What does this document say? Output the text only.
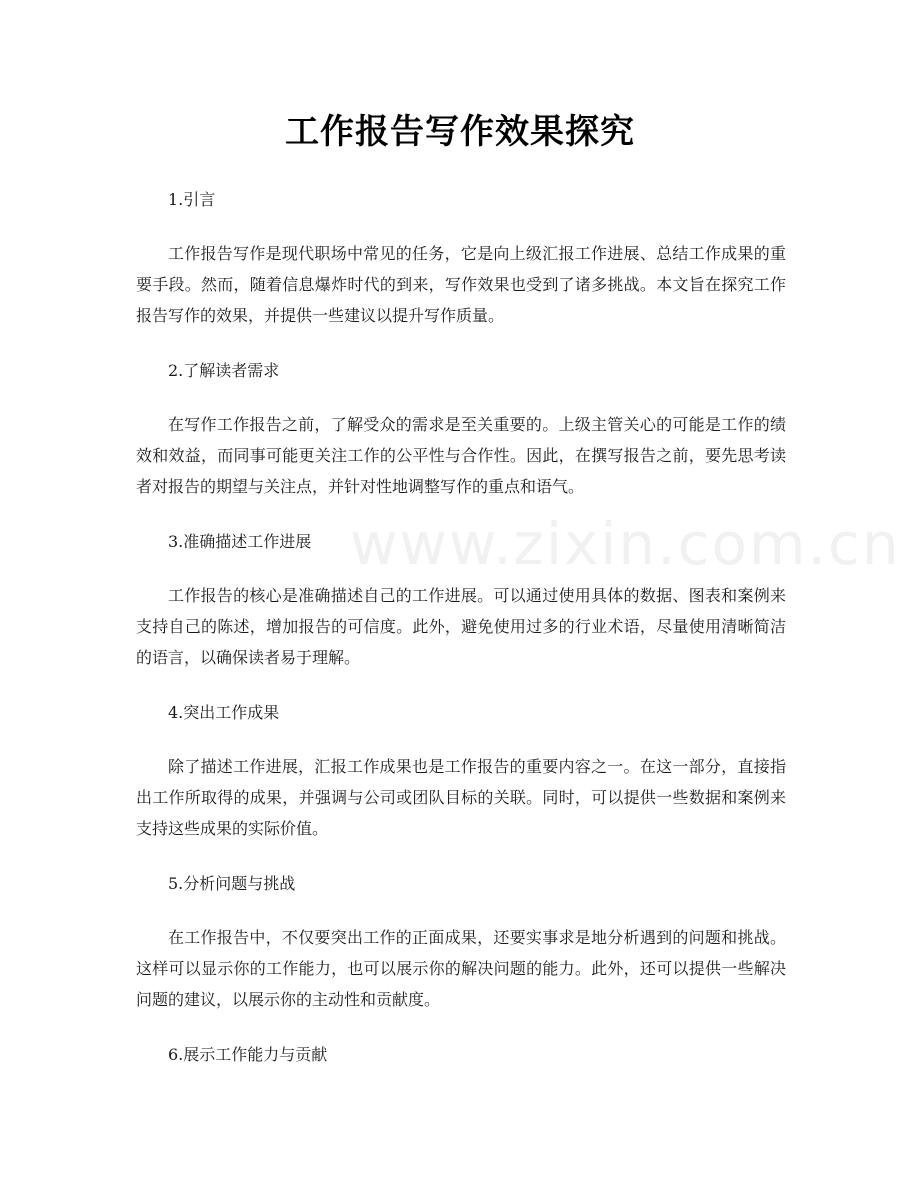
www.zixin.com.cn
工作报告写作效果探究

1.引言

工作报告写作是现代职场中常见的任务，它是向上级汇报工作进展、总结工作成果的重要手段。然而，随着信息爆炸时代的到来，写作效果也受到了诸多挑战。本文旨在探究工作报告写作的效果，并提供一些建议以提升写作质量。

2.了解读者需求

在写作工作报告之前，了解受众的需求是至关重要的。上级主管关心的可能是工作的绩效和效益，而同事可能更关注工作的公平性与合作性。因此，在撰写报告之前，要先思考读者对报告的期望与关注点，并针对性地调整写作的重点和语气。

3.准确描述工作进展

工作报告的核心是准确描述自己的工作进展。可以通过使用具体的数据、图表和案例来支持自己的陈述，增加报告的可信度。此外，避免使用过多的行业术语，尽量使用清晰简洁的语言，以确保读者易于理解。

4.突出工作成果

除了描述工作进展，汇报工作成果也是工作报告的重要内容之一。在这一部分，直接指出工作所取得的成果，并强调与公司或团队目标的关联。同时，可以提供一些数据和案例来支持这些成果的实际价值。

5.分析问题与挑战

在工作报告中，不仅要突出工作的正面成果，还要实事求是地分析遇到的问题和挑战。这样可以显示你的工作能力，也可以展示你的解决问题的能力。此外，还可以提供一些解决问题的建议，以展示你的主动性和贡献度。

6.展示工作能力与贡献
